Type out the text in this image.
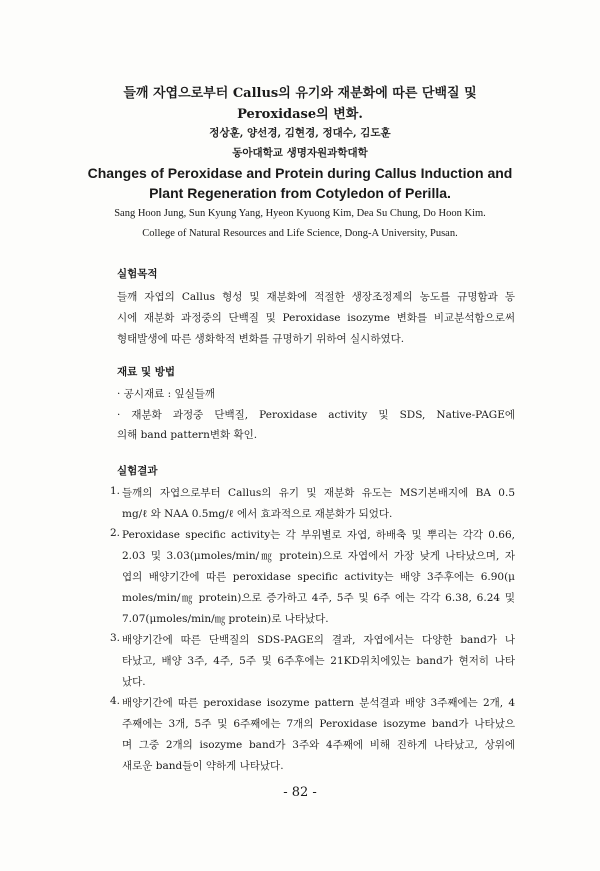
들깨 자엽으로부터 Callus의 유기와 재분화에 따른 단백질 및
Peroxidase의 변화.
정상훈, 양선경, 김현경, 정대수, 김도훈
동아대학교 생명자원과학대학
Changes of Peroxidase and Protein during Callus Induction and
Plant Regeneration from Cotyledon of Perilla.
Sang Hoon Jung, Sun Kyung Yang, Hyeon Kyuong Kim, Dea Su Chung, Do Hoon Kim.
College of Natural Resources and Life Science, Dong-A University, Pusan.
실험목적
들깨 자엽의 Callus 형성 및 재분화에 적절한 생장조정제의 농도를 규명함과 동
시에 재분화 과정중의 단백질 및 Peroxidase isozyme 변화를 비교분석함으로써
형태발생에 따른 생화학적 변화를 규명하기 위하여 실시하였다.
재료 및 방법
· 공시재료 : 잎실들깨
· 재분화 과정중 단백질, Peroxidase activity 및 SDS, Native-PAGE에
의해 band pattern변화 확인.
실험결과
1. 들깨의 자엽으로부터 Callus의 유기 및 재분화 유도는 MS기본배지에 BA 0.5
mg/ℓ 와 NAA 0.5mg/ℓ 에서 효과적으로 재분화가 되었다.
2. Peroxidase specific activity는 각 부위별로 자엽, 하배축 및 뿌리는 각각 0.66,
2.03 및 3.03(μmoles/min/㎎ protein)으로 자엽에서 가장 낮게 나타났으며, 자
엽의 배양기간에 따른 peroxidase specific activity는 배양 3주후에는 6.90(μ
moles/min/㎎ protein)으로 증가하고 4주, 5주 및 6주 에는 각각 6.38, 6.24 및
7.07(μmoles/min/㎎ protein)로 나타났다.
3. 배양기간에 따른 단백질의 SDS-PAGE의 결과, 자엽에서는 다양한 band가 나
타났고, 배양 3주, 4주, 5주 및 6주후에는 21KD위치에있는 band가 현저히 나타
났다.
4. 배양기간에 따른 peroxidase isozyme pattern 분석결과 배양 3주째에는 2개, 4
주째에는 3개, 5주 및 6주째에는 7개의 Peroxidase isozyme band가 나타났으
며 그중 2개의 isozyme band가 3주와 4주째에 비해 진하게 나타났고, 상위에
새로운 band들이 약하게 나타났다.
- 82 -
